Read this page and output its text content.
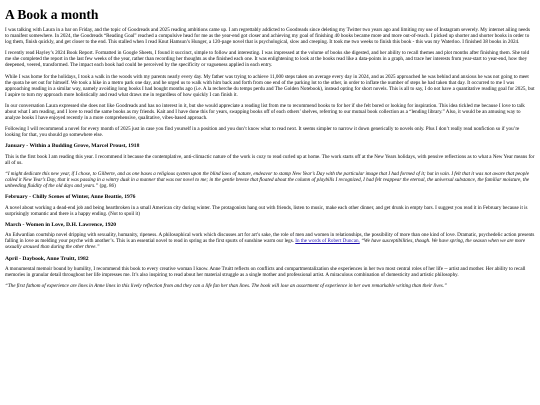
A Book a month

I was talking with Laura in a bar on Friday, and the topic of Goodreads and 2025 reading ambitions came up. I am regrettably addicted to Goodreads since deleting my Twitter two years ago and limiting my use of Instagram severely. My internet ailing needs to manifest somewhere. In 2024, the Goodreads “Reading Goal” reached a compulsive head for me as the year-end got closer and achieving my goal of finishing 40 books became more and more out-of-reach. I picked up shorter and shorter books in order to log them, finish quickly, and get closer to the end. This stalled when I read Knut Hamsun’s Hunger, a 120-page novel that is psychological, slow and creeping. It took me two weeks to finish this book - this was my Waterloo. I finished 38 books in 2024.

I recently read Hayley’s 2024 Book Report. Formatted in Google Sheets, I found it succinct, simple to follow and interesting. I was impressed at the volume of books she digested, and her ability to recall themes and plot months after finishing them. She told me she completed the report in the last few weeks of the year, rather than recording her thoughts as she finished each one. It was enlightening to look at the books read like a data-points in a graph, and trace her interests from year-start to year-end, how they deepened, veered, transformed. The impact each book had could be perceived by the specificity or vagueness applied in each entry.

While I was home for the holidays, I took a walk in the woods with my parents nearly every day. My father was trying to achieve 11,000 steps taken on average every day in 2024, and as 2025 approached he was behind and anxious he was not going to meet the quota he set out for himself. We took a hike in a metro park one day, and he urged us to walk with him back and forth from one end of the parking lot to the other, in order to inflate the number of steps he had taken that day. It occurred to me I was approaching reading in a similar way, namely avoiding long books I had bought months ago (i.e. A la recherche du temps perdu and The Golden Notebook), instead opting for short novels. This is all to say, I do not have a quantitative reading goal for 2025, but I aspire to turn my approach more holistically and read what draws me in regardless of how quickly I can finish it.

In our conversation Laura expressed she does not like Goodreads and has no interest in it, but she would appreciate a reading list from me to recommend books to for her if she felt bored or looking for inspiration. This idea tickled me because I love to talk about what I am reading, and I love to read the same books as my friends. Kait and I have done this for years, swapping books off of each others’ shelves, referring to our mutual book collection as a “lending library.” Also, it would be an amusing way to analyze books I have enjoyed recently in a more comprehensive, qualitative, vibes-based approach.

Following I will recommend a novel for every month of 2025 just in case you find yourself in a position and you don’t know what to read next. It seems simpler to narrow it down generically to novels only. Plus I don’t really read nonfiction so if you’re looking for that, you should go somewhere else.

January - Within a Budding Grove, Marcel Proust, 1918

This is the first book I am reading this year. I recommend it because the contemplative, anti-climactic nature of the work is cozy to read curled up at home. The work starts off at the New Years holidays, with pensive reflections as to what a New Year means for all of us.

“I might dedicate this new year, if I chose, to Gilberte, and as one bases a religious system upon the blind laws of nature, endeavor to stamp New Year’s Day with the particular image that I had formed of it; but in vain. I felt that it was not aware that people called it New Year’s Day, that it was passing in a wintry dusk in a manner that was not novel to me; in the gentle breeze that floated about the column of playbills I recognized, I had felt reappear the eternal, the universal substance, the familiar moisture, the unheeding fluidity of the old days and years.” (pg. 86)

February - Chilly Scenes of Winter, Anne Beattie, 1976

A novel about working a dead-end job and being heartbroken in a small American city during winter. The protagonists hang out with friends, listen to music, make each other dinner, and get drunk in empty bars. I suggest you read it in February because it is surprisingly romantic and there is a happy ending. (Not to spoil it)

March - Women in Love, D.H. Lawrence, 1920

An Edwardian courtship novel dripping with sexuality, humanity, ripeness. A philosophical work which discusses art for art’s sake, the role of men and women in relationships, the possibility of more than one kind of love. Dramatic, psychedelic action presents falling in love as melding your psyche with another’s. This is an essential novel to read in spring as the first spurts of sunshine warm our legs. In the words of Robert Duncan, “We have susceptibilities, though. We have spring, the season when we are more sexually aroused than during the other three.”

April - Daybook, Anne Truitt, 1982

A monumental memoir bound by humility, I recommend this book to every creative woman I know. Anne Truitt reflects on conflicts and compartmentalization she experiences in her two most central roles of her life -- artist and mother. Her ability to recall memories in granular detail throughout her life impresses me. It’s also inspiring to read about her material struggle as a single mother and professional artist. A miraculous combination of domesticity and artistic philosophy.

“The first fathom of experience are lines in Anne lines in this lively reflection from and they can a life fan her than lines. The book will lose an assortment of experience in her own remarkable writing than their lives.”
